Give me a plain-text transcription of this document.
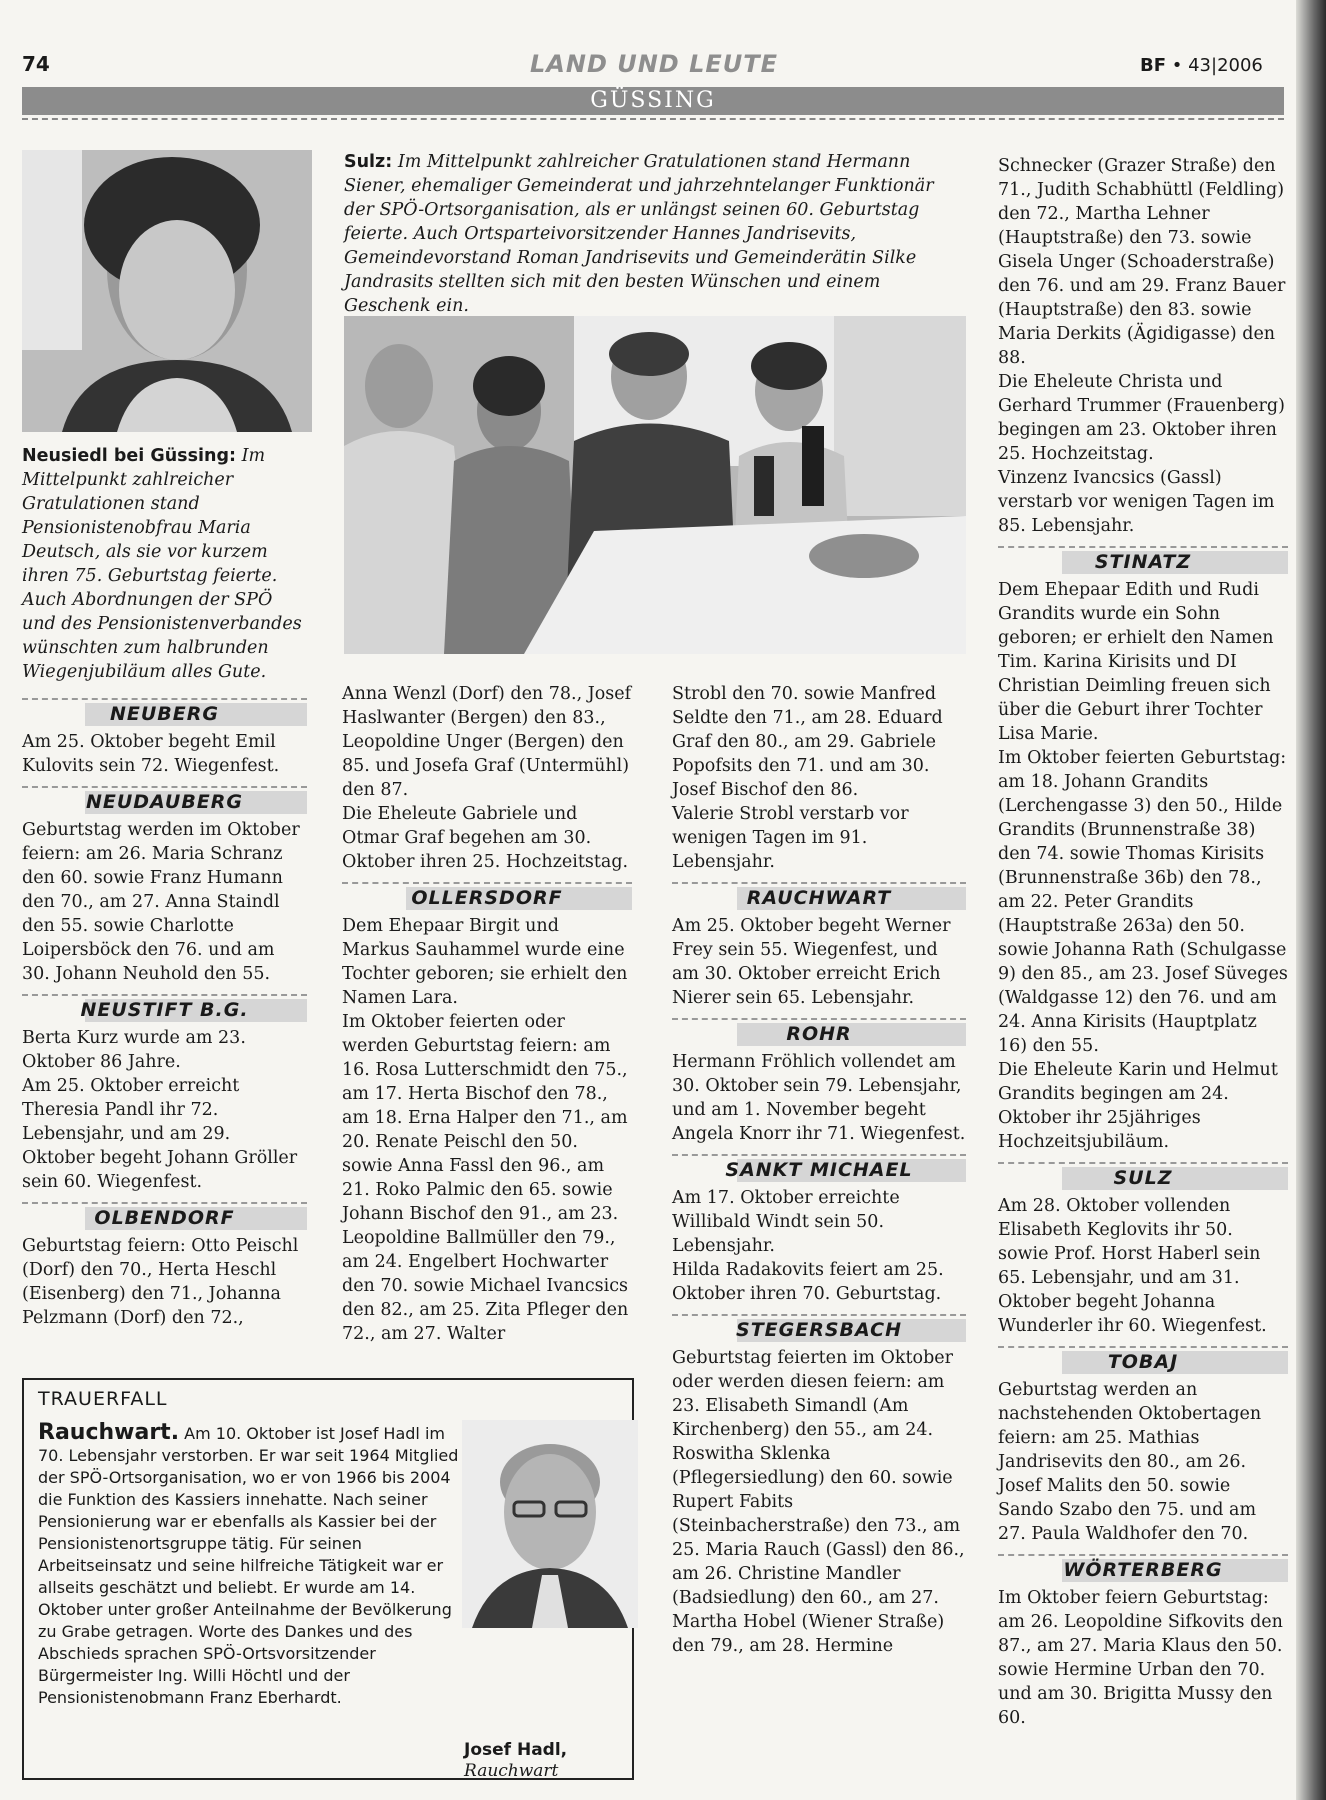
74	LAND UND LEUTE	BF • 43|2006
GÜSSING
Neusiedl bei Güssing: Im Mittelpunkt zahlreicher Gratulationen stand Pensionistenobfrau Maria Deutsch, als sie vor kurzem ihren 75. Geburtstag feierte. Auch Abordnungen der SPÖ und des Pensionistenverbandes wünschten zum halbrunden Wiegenjubiläum alles Gute.
Sulz: Im Mittelpunkt zahlreicher Gratulationen stand Hermann Siener, ehemaliger Gemeinderat und jahrzehntelanger Funktionär der SPÖ-Ortsorganisation, als er unlängst seinen 60. Geburtstag feierte. Auch Ortsparteivorsitzender Hannes Jandrisevits, Gemeindevorstand Roman Jandrisevits und Gemeinderätin Silke Jandrasits stellten sich mit den besten Wünschen und einem Geschenk ein.
NEUBERG

Am 25. Oktober begeht Emil Kulovits sein 72. Wiegenfest.

NEUDAUBERG

Geburtstag werden im Oktober feiern: am 26. Maria Schranz den 60. sowie Franz Humann den 70., am 27. Anna Staindl den 55. sowie Charlotte Loipersböck den 76. und am 30. Johann Neuhold den 55.

NEUSTIFT B.G.

Berta Kurz wurde am 23. Oktober 86 Jahre.

Am 25. Oktober erreicht Theresia Pandl ihr 72. Lebensjahr, und am 29. Oktober begeht Johann Gröller sein 60. Wiegenfest.

OLBENDORF

Geburtstag feiern: Otto Peischl (Dorf) den 70., Herta Heschl (Eisenberg) den 71., Johanna Pelzmann (Dorf) den 72.,

Anna Wenzl (Dorf) den 78., Josef Haslwanter (Bergen) den 83., Leopoldine Unger (Bergen) den 85. und Josefa Graf (Untermühl) den 87.

Die Eheleute Gabriele und Otmar Graf begehen am 30. Oktober ihren 25. Hochzeitstag.

OLLERSDORF

Dem Ehepaar Birgit und Markus Sauhammel wurde eine Tochter geboren; sie erhielt den Namen Lara.

Im Oktober feierten oder werden Geburtstag feiern: am 16. Rosa Lutterschmidt den 75., am 17. Herta Bischof den 78., am 18. Erna Halper den 71., am 20. Renate Peischl den 50. sowie Anna Fassl den 96., am 21. Roko Palmic den 65. sowie Johann Bischof den 91., am 23. Leopoldine Ballmüller den 79., am 24. Engelbert Hochwarter den 70. sowie Michael Ivancsics den 82., am 25. Zita Pfleger den 72., am 27. Walter

Strobl den 70. sowie Manfred Seldte den 71., am 28. Eduard Graf den 80., am 29. Gabriele Popofsits den 71. und am 30. Josef Bischof den 86.

Valerie Strobl verstarb vor wenigen Tagen im 91. Lebensjahr.

RAUCHWART

Am 25. Oktober begeht Werner Frey sein 55. Wiegenfest, und am 30. Oktober erreicht Erich Nierer sein 65. Lebensjahr.

ROHR

Hermann Fröhlich vollendet am 30. Oktober sein 79. Lebensjahr, und am 1. November begeht Angela Knorr ihr 71. Wiegenfest.

SANKT MICHAEL

Am 17. Oktober erreichte Willibald Windt sein 50. Lebensjahr.

Hilda Radakovits feiert am 25. Oktober ihren 70. Geburtstag.

STEGERSBACH

Geburtstag feierten im Oktober oder werden diesen feiern: am 23. Elisabeth Simandl (Am Kirchenberg) den 55., am 24. Roswitha Sklenka (Pflegersiedlung) den 60. sowie Rupert Fabits (Steinbacherstraße) den 73., am 25. Maria Rauch (Gassl) den 86., am 26. Christine Mandler (Badsiedlung) den 60., am 27. Martha Hobel (Wiener Straße) den 79., am 28. Hermine

Schnecker (Grazer Straße) den 71., Judith Schabhüttl (Feldling) den 72., Martha Lehner (Hauptstraße) den 73. sowie Gisela Unger (Schoaderstraße) den 76. und am 29. Franz Bauer (Hauptstraße) den 83. sowie Maria Derkits (Ägidigasse) den 88.

Die Eheleute Christa und Gerhard Trummer (Frauenberg) begingen am 23. Oktober ihren 25. Hochzeitstag.

Vinzenz Ivancsics (Gassl) verstarb vor wenigen Tagen im 85. Lebensjahr.

STINATZ

Dem Ehepaar Edith und Rudi Grandits wurde ein Sohn geboren; er erhielt den Namen Tim. Karina Kirisits und DI Christian Deimling freuen sich über die Geburt ihrer Tochter Lisa Marie.

Im Oktober feierten Geburtstag: am 18. Johann Grandits (Lerchengasse 3) den 50., Hilde Grandits (Brunnenstraße 38) den 74. sowie Thomas Kirisits (Brunnenstraße 36b) den 78., am 22. Peter Grandits (Hauptstraße 263a) den 50. sowie Johanna Rath (Schulgasse 9) den 85., am 23. Josef Süveges (Waldgasse 12) den 76. und am 24. Anna Kirisits (Hauptplatz 16) den 55.

Die Eheleute Karin und Helmut Grandits begingen am 24. Oktober ihr 25jähriges Hochzeitsjubiläum.

SULZ

Am 28. Oktober vollenden Elisabeth Keglovits ihr 50. sowie Prof. Horst Haberl sein 65. Lebensjahr, und am 31. Oktober begeht Johanna Wunderler ihr 60. Wiegenfest.

TOBAJ

Geburtstag werden an nachstehenden Oktobertagen feiern: am 25. Mathias Jandrisevits den 80., am 26. Josef Malits den 50. sowie Sando Szabo den 75. und am 27. Paula Waldhofer den 70.

WÖRTERBERG

Im Oktober feiern Geburtstag: am 26. Leopoldine Sifkovits den 87., am 27. Maria Klaus den 50. sowie Hermine Urban den 70. und am 30. Brigitta Mussy den 60.

TRAUERFALL
Rauchwart. Am 10. Oktober ist Josef Hadl im 70. Lebensjahr verstorben. Er war seit 1964 Mitglied der SPÖ-Ortsorganisation, wo er von 1966 bis 2004 die Funktion des Kassiers innehatte. Nach seiner Pensionierung war er ebenfalls als Kassier bei der Pensionistenortsgruppe tätig. Für seinen Arbeitseinsatz und seine hilfreiche Tätigkeit war er allseits geschätzt und beliebt. Er wurde am 14. Oktober unter großer Anteilnahme der Bevölkerung zu Grabe getragen. Worte des Dankes und des Abschieds sprachen SPÖ-Ortsvorsitzender Bürgermeister Ing. Willi Höchtl und der Pensionistenobmann Franz Eberhardt.
Josef Hadl,
Rauchwart
